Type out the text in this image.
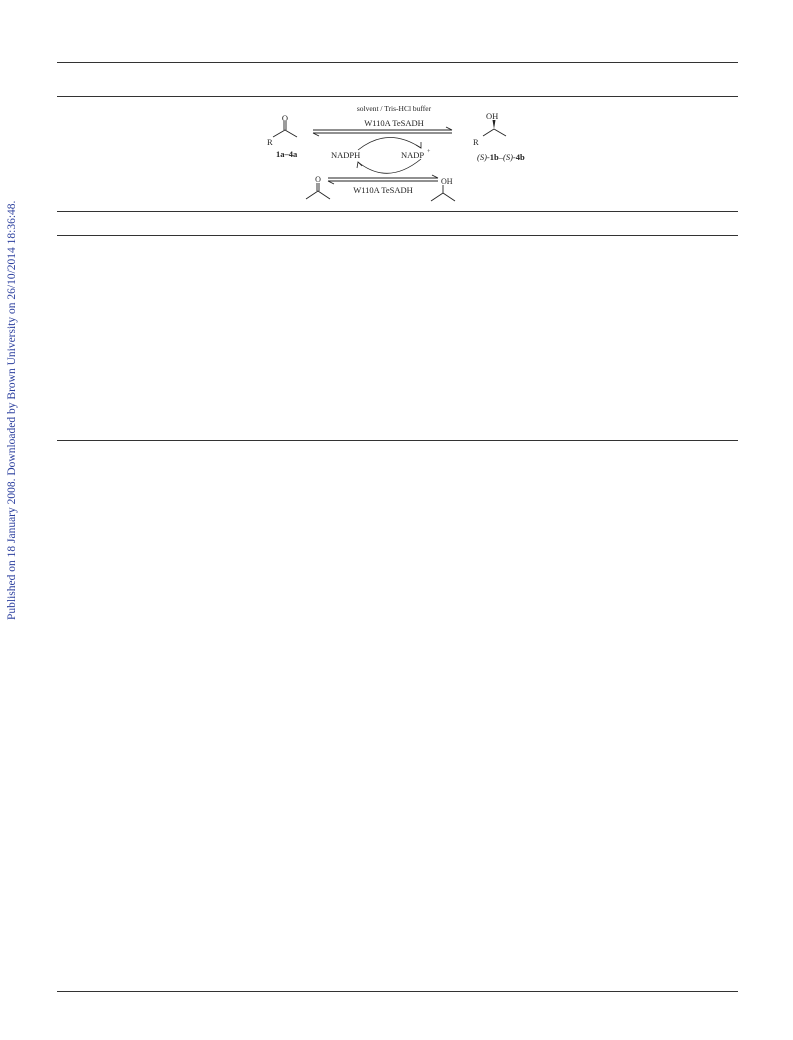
Published on 18 January 2008. Downloaded by Brown University on 26/10/2014 18:36:48.
O
R
1a–4a
solvent / Tris-HCl buffer
W110A TeSADH
NADPH	NADP +
W110A TeSADH
O	OH
OH
R
(S)-1b–(S)-4b
